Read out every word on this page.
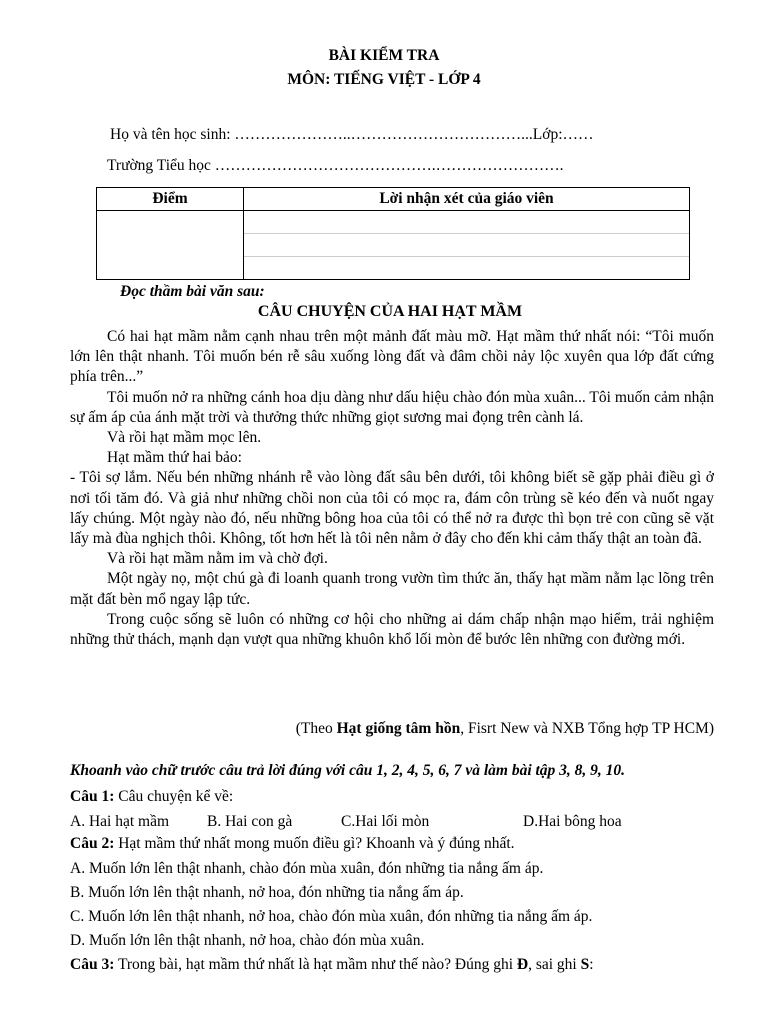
BÀI KIỂM TRA
MÔN: TIẾNG VIỆT - LỚP 4
Họ và tên học sinh: …………………..……………………………...Lớp:……
Trường Tiểu học …………………………………….…………………….
Điểm	Lời nhận xét của giáo viên

Đọc thầm bài văn sau:
CÂU CHUYỆN CỦA HAI HẠT MẦM

Có hai hạt mầm nằm cạnh nhau trên một mảnh đất màu mỡ. Hạt mầm thứ nhất nói: “Tôi muốn lớn lên thật nhanh. Tôi muốn bén rễ sâu xuống lòng đất và đâm chồi nảy lộc xuyên qua lớp đất cứng phía trên...”

Tôi muốn nở ra những cánh hoa dịu dàng như dấu hiệu chào đón mùa xuân... Tôi muốn cảm nhận sự ấm áp của ánh mặt trời và thưởng thức những giọt sương mai đọng trên cành lá.

Và rồi hạt mầm mọc lên.

Hạt mầm thứ hai bảo:

- Tôi sợ lắm. Nếu bén những nhánh rễ vào lòng đất sâu bên dưới, tôi không biết sẽ gặp phải điều gì ở nơi tối tăm đó. Và giả như những chồi non của tôi có mọc ra, đám côn trùng sẽ kéo đến và nuốt ngay lấy chúng. Một ngày nào đó, nếu những bông hoa của tôi có thể nở ra được thì bọn trẻ con cũng sẽ vặt lấy mà đùa nghịch thôi. Không, tốt hơn hết là tôi nên nằm ở đây cho đến khi cảm thấy thật an toàn đã.

Và rồi hạt mầm nằm im và chờ đợi.

Một ngày nọ, một chú gà đi loanh quanh trong vườn tìm thức ăn, thấy hạt mầm nằm lạc lõng trên mặt đất bèn mổ ngay lập tức.

Trong cuộc sống sẽ luôn có những cơ hội cho những ai dám chấp nhận mạo hiểm, trải nghiệm những thử thách, mạnh dạn vượt qua những khuôn khổ lối mòn để bước lên những con đường mới.

(Theo Hạt giống tâm hồn, Fisrt New và NXB Tổng hợp TP HCM)
Khoanh vào chữ trước câu trả lời đúng với câu 1, 2, 4, 5, 6, 7 và làm bài tập 3, 8, 9, 10.
Câu 1: Câu chuyện kể về:
A. Hai hạt mầm B. Hai con gà	C.Hai lối mòn	D.Hai bông hoa
Câu 2: Hạt mầm thứ nhất mong muốn điều gì? Khoanh và ý đúng nhất.
A. Muốn lớn lên thật nhanh, chào đón mùa xuân, đón những tia nắng ấm áp.
B. Muốn lớn lên thật nhanh, nở hoa, đón những tia nắng ấm áp.
C. Muốn lớn lên thật nhanh, nở hoa, chào đón mùa xuân, đón những tia nắng ấm áp.
D. Muốn lớn lên thật nhanh, nở hoa, chào đón mùa xuân.
Câu 3: Trong bài, hạt mầm thứ nhất là hạt mầm như thế nào? Đúng ghi Đ, sai ghi S:
